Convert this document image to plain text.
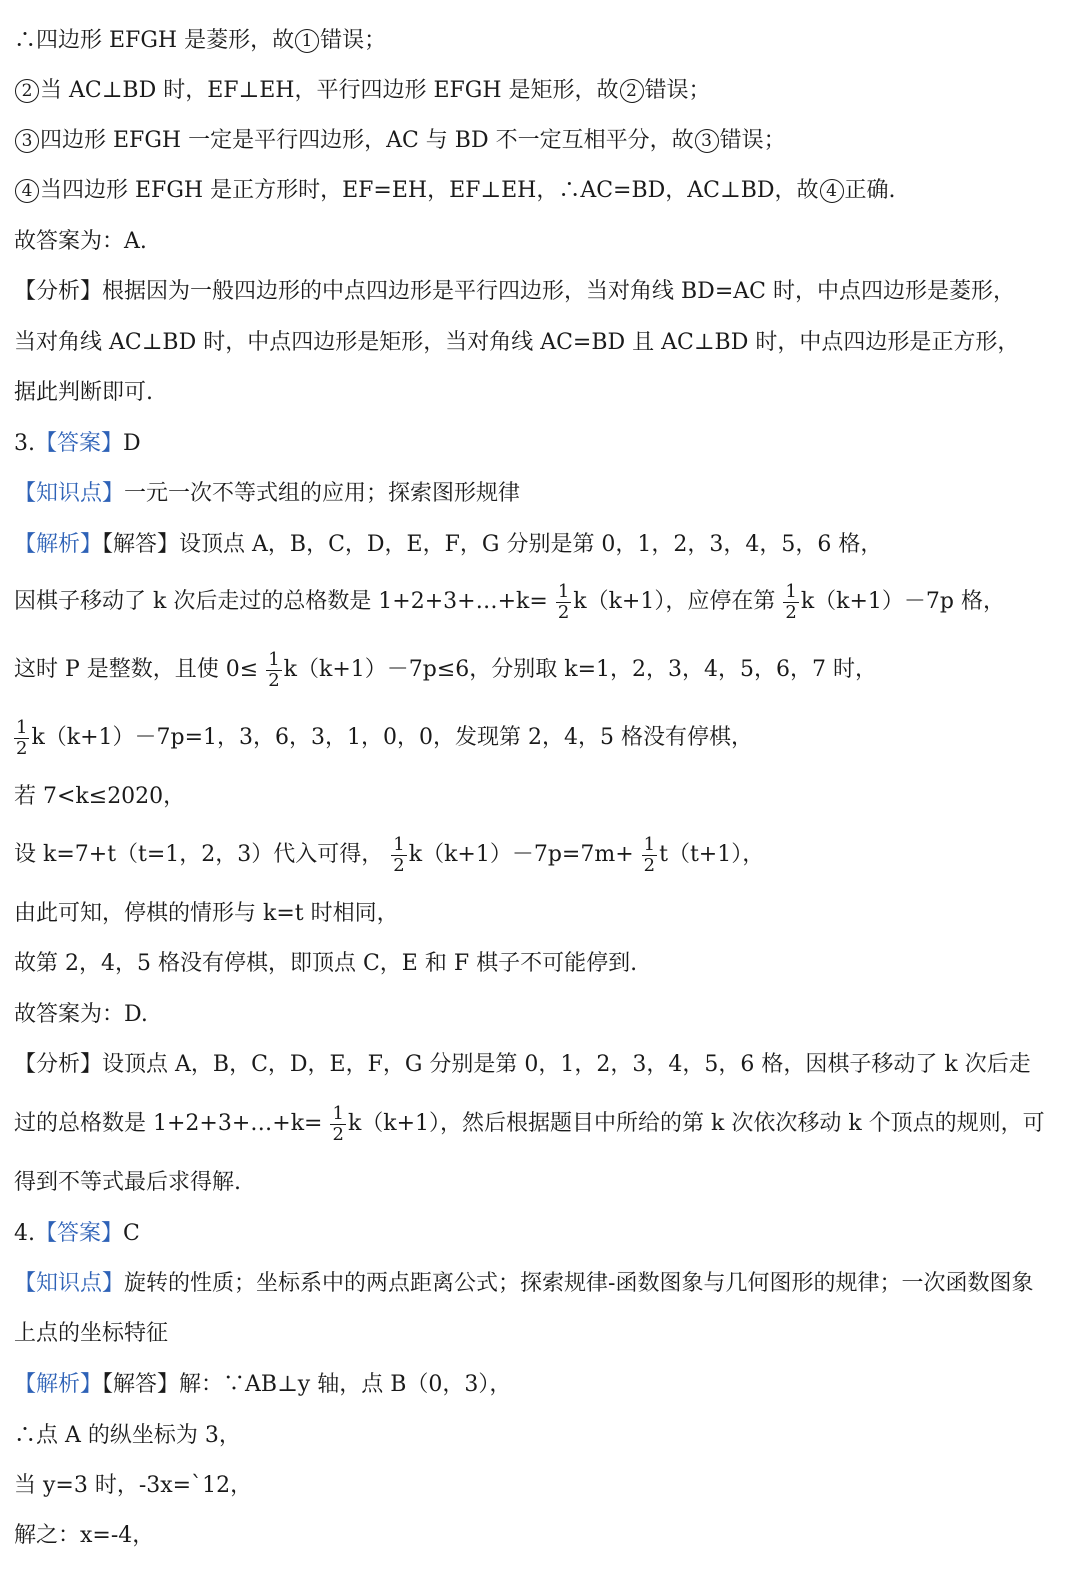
∴四边形 EFGH 是菱形，故 1 错误；
2 当 AC⊥BD 时，EF⊥EH，平行四边形 EFGH 是矩形，故 2 错误；
3 四边形 EFGH 一定是平行四边形，AC 与 BD 不一定互相平分，故 3 错误；
4 当四边形 EFGH 是正方形时，EF=EH，EF⊥EH，∴AC=BD，AC⊥BD，故 4 正确.
故答案为：A.
【分析】根据因为一般四边形的中点四边形是平行四边形，当对角线 BD=AC 时，中点四边形是菱形，
当对角线 AC⊥BD 时，中点四边形是矩形，当对角线 AC=BD 且 AC⊥BD 时，中点四边形是正方形，
据此判断即可.
3.【答案】D
【知识点】一元一次不等式组的应用；探索图形规律
【解析】【解答】设顶点 A，B，C，D，E，F，G 分别是第 0，1，2，3，4，5，6 格，
因棋子移动了 k 次后走过的总格数是 1+2+3+…+k= $\frac{1}{2} k(k+1)$，应停在第 $\frac{1}{2} k(k+1)-7p$ 格，
这时 P 是整数，且使 $0\le \frac{1}{2} k(k+1)-7p\le 6$，分别取 k=1，2，3，4，5，6，7 时，
$\frac{1}{2} k(k+1)-7p=1$，3，6，3，1，0，0，发现第 2，4，5 格没有停棋，
若 7<k≤2020，
设 k=7+t（t=1，2，3）代入可得， $\frac{1}{2} k(k+1)-7p=7m+ \frac{1}{2} t(t+1)$，
由此可知，停棋的情形与 k=t 时相同，
故第 2，4，5 格没有停棋，即顶点 C，E 和 F 棋子不可能停到.
故答案为：D.
【分析】设顶点 A，B，C，D，E，F，G 分别是第 0，1，2，3，4，5，6 格，因棋子移动了 k 次后走
过的总格数是 1+2+3+…+k= $\frac{1}{2} k(k+1)$，然后根据题目中所给的第 k 次依次移动 k 个顶点的规则，可
得到不等式最后求得解.
4.【答案】C
【知识点】旋转的性质；坐标系中的两点距离公式；探索规律-函数图象与几何图形的规律；一次函数图象
上点的坐标特征
【解析】【解答】解：∵AB⊥y 轴，点 B（0，3），
∴点 A 的纵坐标为 3，
当 y=3 时，-3x=`12，
解之：x=-4，
